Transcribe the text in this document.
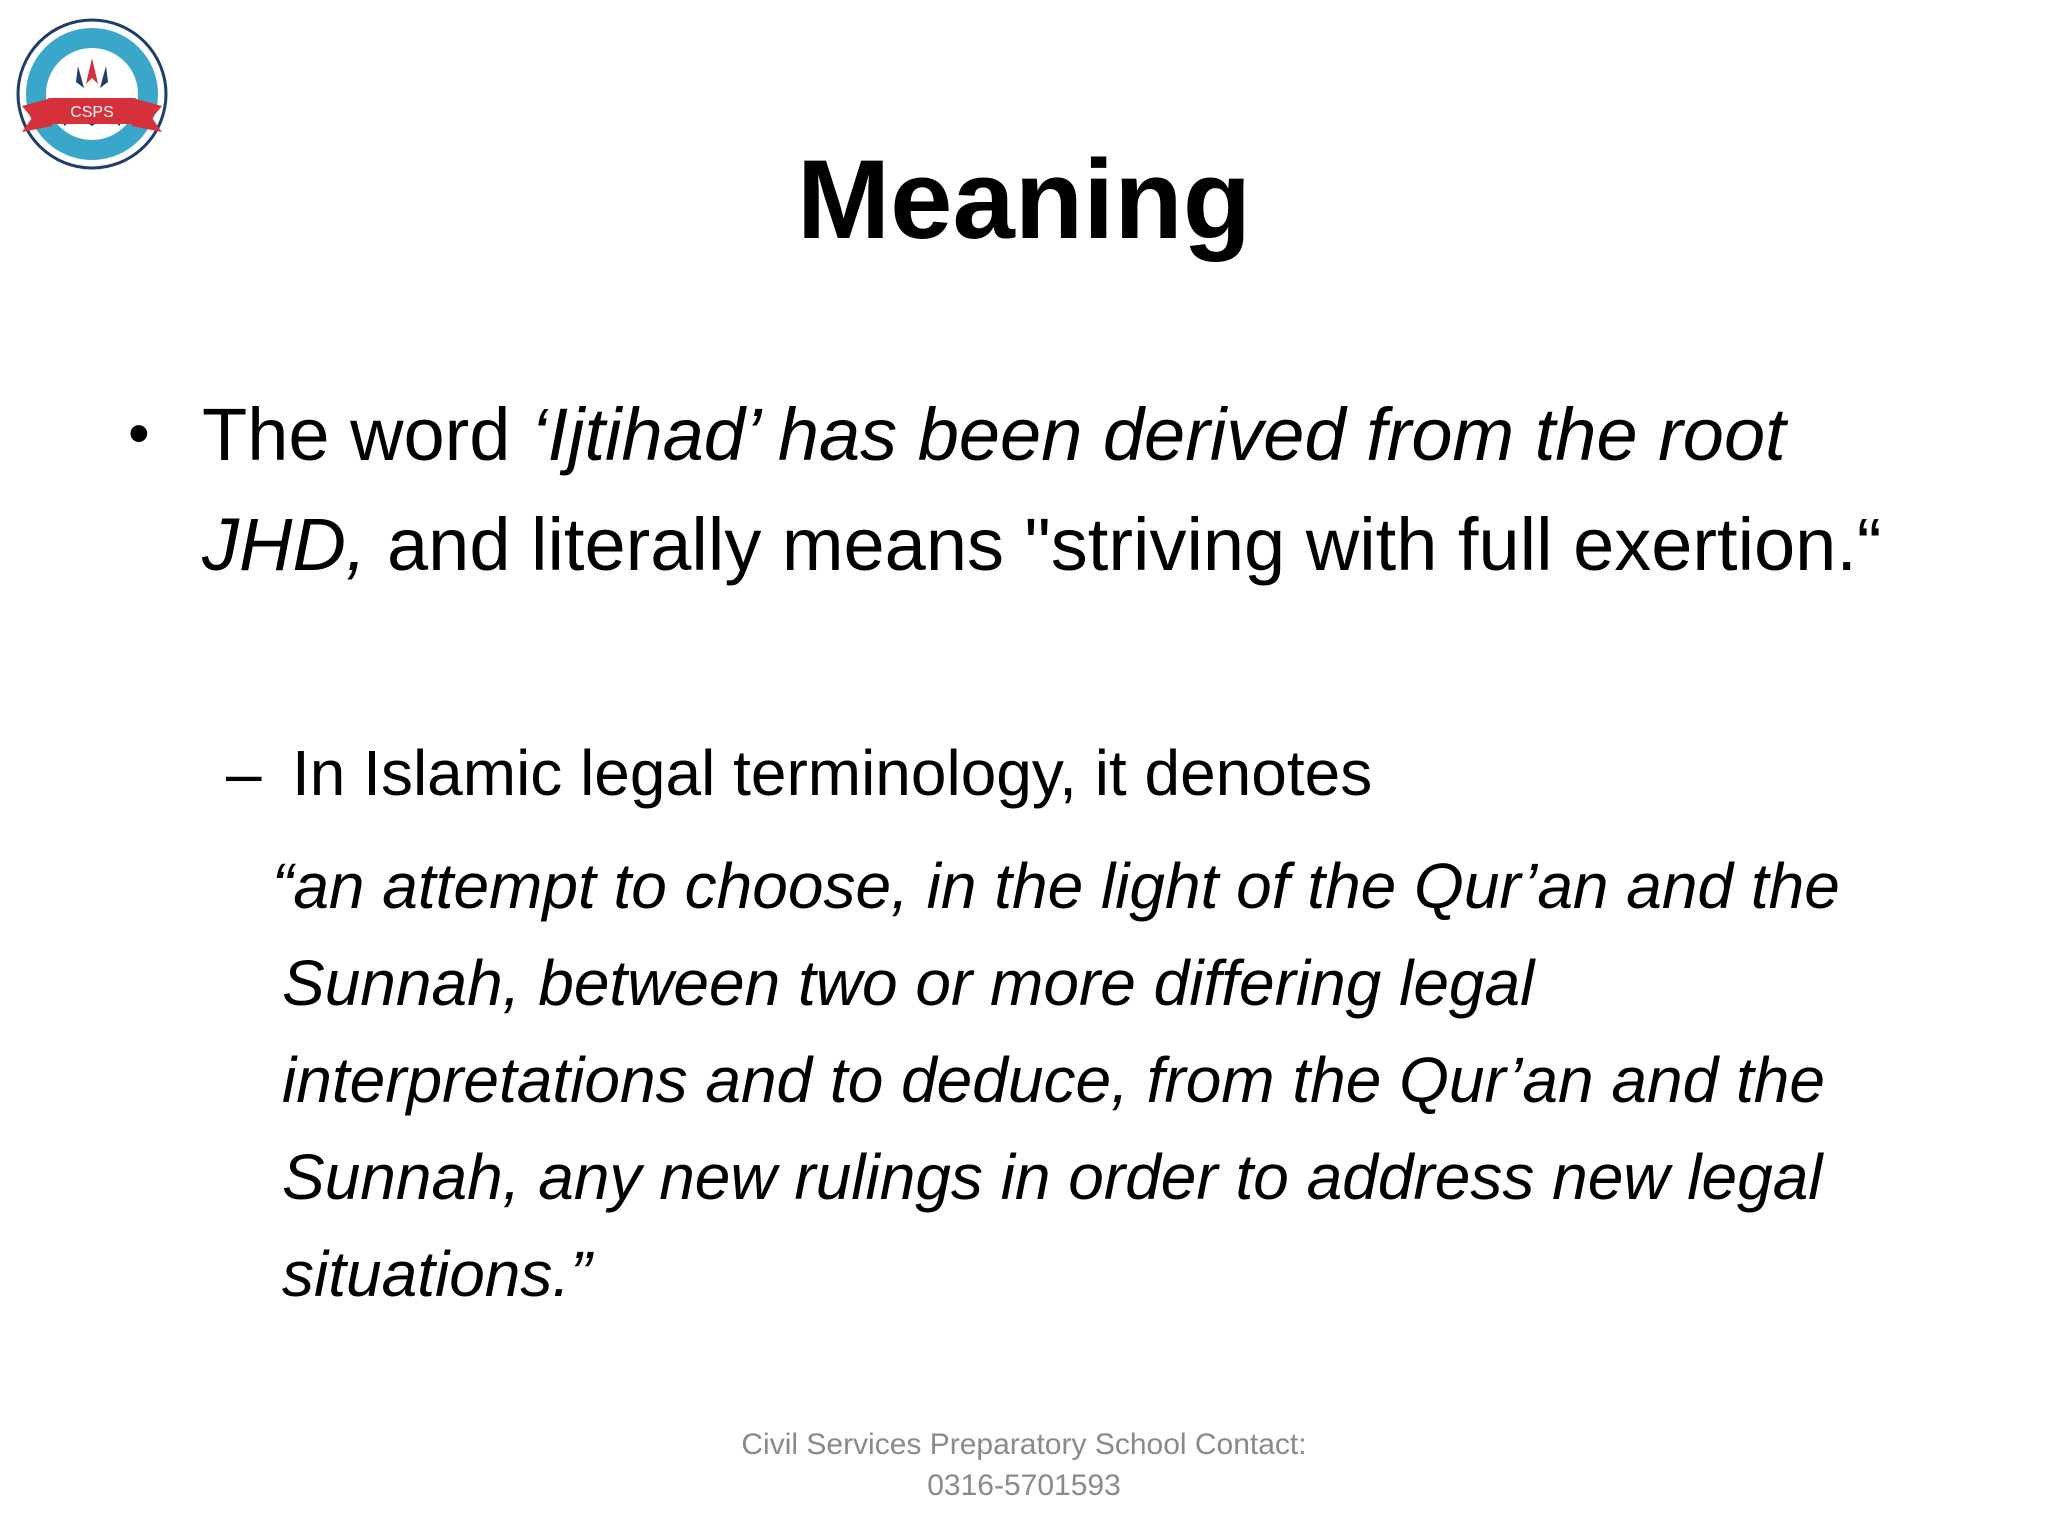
CSPS
Meaning
• The word ‘Ijtihad’ has been derived from the root JHD, and literally means "striving with full exertion.“
– In Islamic legal terminology, it denotes
“an attempt to choose, in the light of the Qur’an and the Sunnah, between two or more differing legal interpretations and to deduce, from the Qur’an and the Sunnah, any new rulings in order to address new legal situations.”
Civil Services Preparatory School Contact:
0316-5701593
